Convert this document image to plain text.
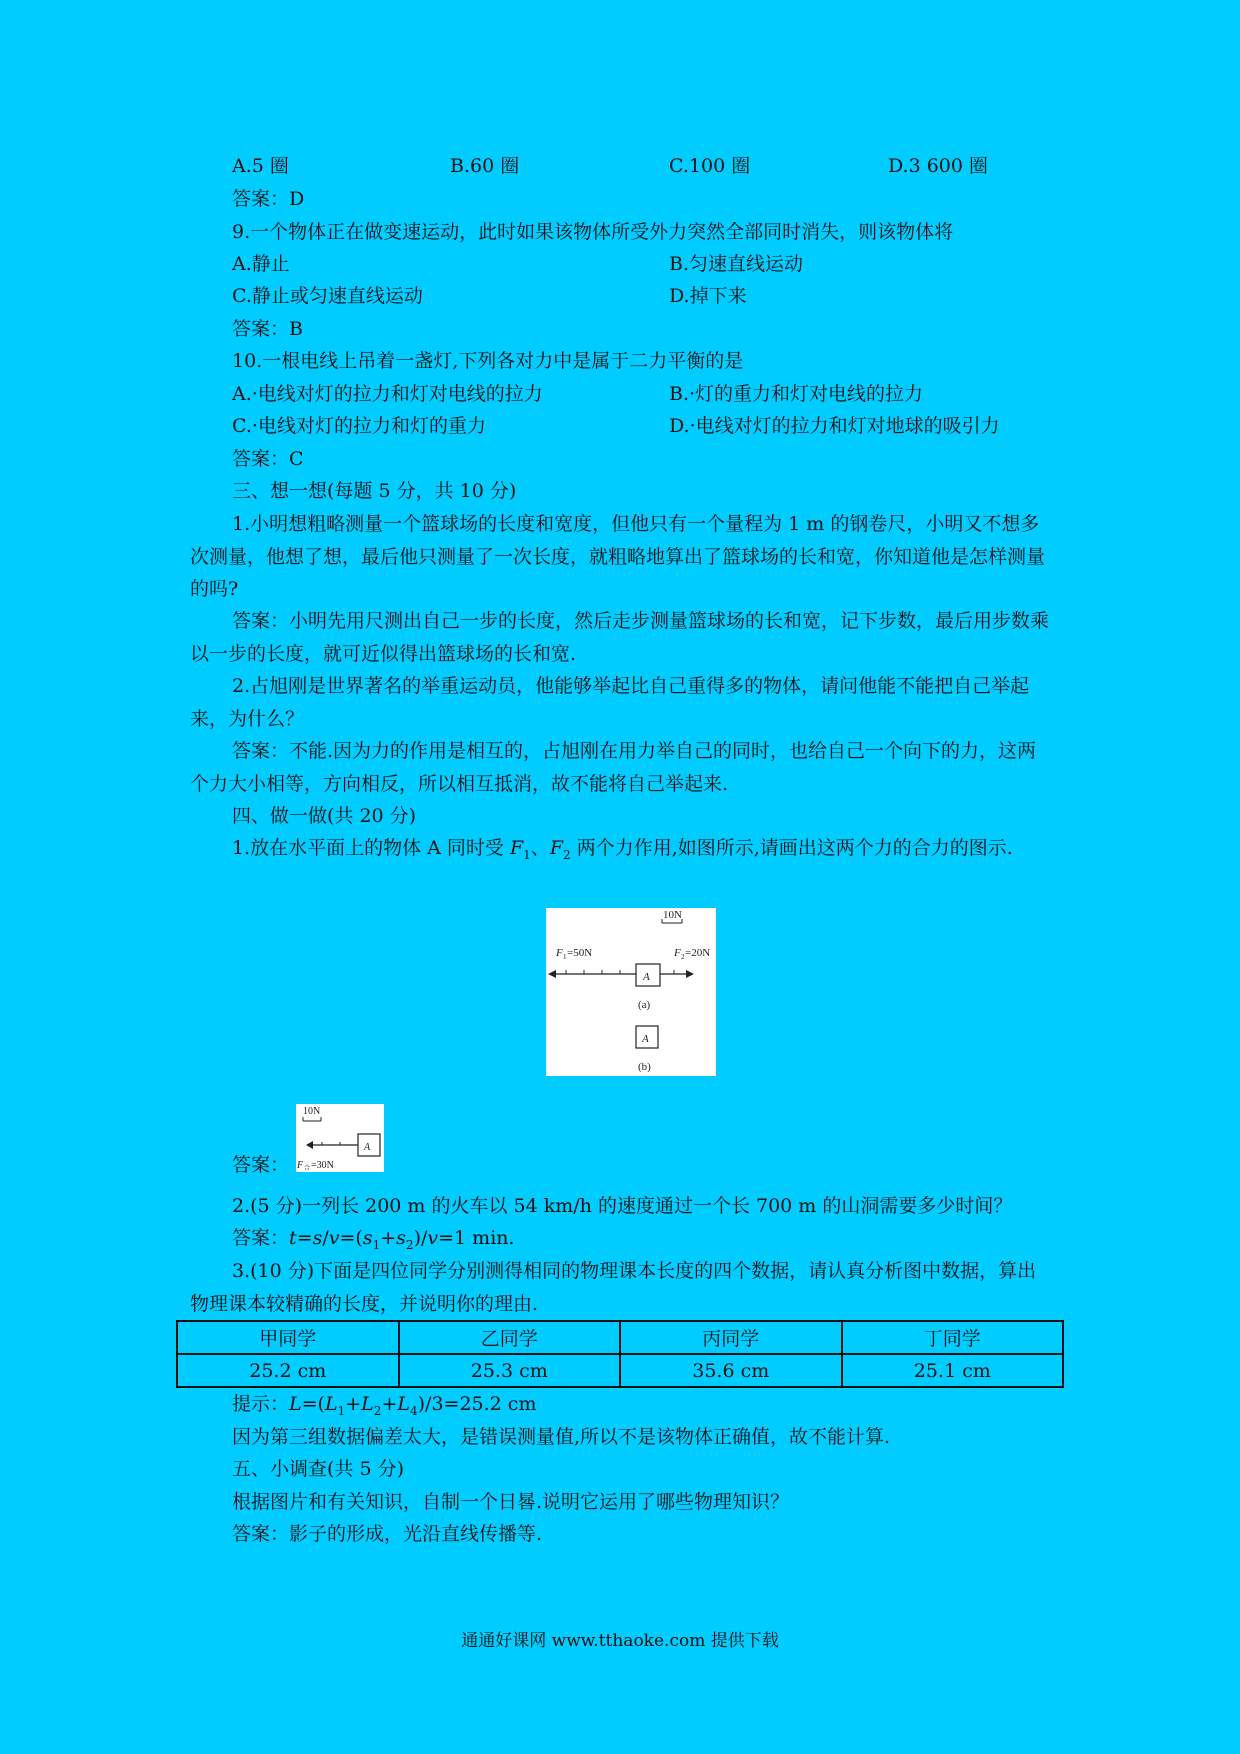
A.5 圈	B.60 圈	C.100 圈	D.3 600 圈
答案：D
9.一个物体正在做变速运动，此时如果该物体所受外力突然全部同时消失，则该物体将
A.静止	B.匀速直线运动
C.静止或匀速直线运动	D.掉下来
答案：B
10.一根电线上吊着一盏灯,下列各对力中是属于二力平衡的是
A.·电线对灯的拉力和灯对电线的拉力	B.·灯的重力和灯对电线的拉力
C.·电线对灯的拉力和灯的重力	D.·电线对灯的拉力和灯对地球的吸引力
答案：C
三、想一想(每题 5 分，共 10 分)
1.小明想粗略测量一个篮球场的长度和宽度，但他只有一个量程为 1 m 的钢卷尺，小明又不想多次测量，他想了想，最后他只测量了一次长度，就粗略地算出了篮球场的长和宽，你知道他是怎样测量的吗?
答案：小明先用尺测出自己一步的长度，然后走步测量篮球场的长和宽，记下步数，最后用步数乘以一步的长度，就可近似得出篮球场的长和宽.
2.占旭刚是世界著名的举重运动员，他能够举起比自己重得多的物体，请问他能不能把自己举起来，为什么？
答案：不能.因为力的作用是相互的，占旭刚在用力举自己的同时，也给自己一个向下的力，这两个力大小相等，方向相反，所以相互抵消，故不能将自己举起来.
四、做一做(共 20 分)
1.放在水平面上的物体 A 同时受 $F_1$、$F_2$ 两个力作用,如图所示,请画出这两个力的合力的图示.
10N
F 1 =50N	F 2 =20N
A
(a)
A
(b)
答案：
10N
A
F 合 =30N
2.(5 分)一列长 200 m 的火车以 54 km/h 的速度通过一个长 700 m 的山洞需要多少时间？
答案：$t=s/v=(s_1+s_2)/v=1$ min.
3.(10 分)下面是四位同学分别测得相同的物理课本长度的四个数据，请认真分析图中数据，算出物理课本较精确的长度，并说明你的理由.
甲同学	乙同学	丙同学	丁同学
25.2 cm	25.3 cm	35.6 cm	25.1 cm
提示：$L=(L_1+L_2+L_4)/3=25.2$ cm
因为第三组数据偏差太大，是错误测量值,所以不是该物体正确值，故不能计算.
五、小调查(共 5 分)
根据图片和有关知识，自制一个日晷.说明它运用了哪些物理知识？
答案：影子的形成，光沿直线传播等.
通通好课网 www.tthaoke.com 提供下载
